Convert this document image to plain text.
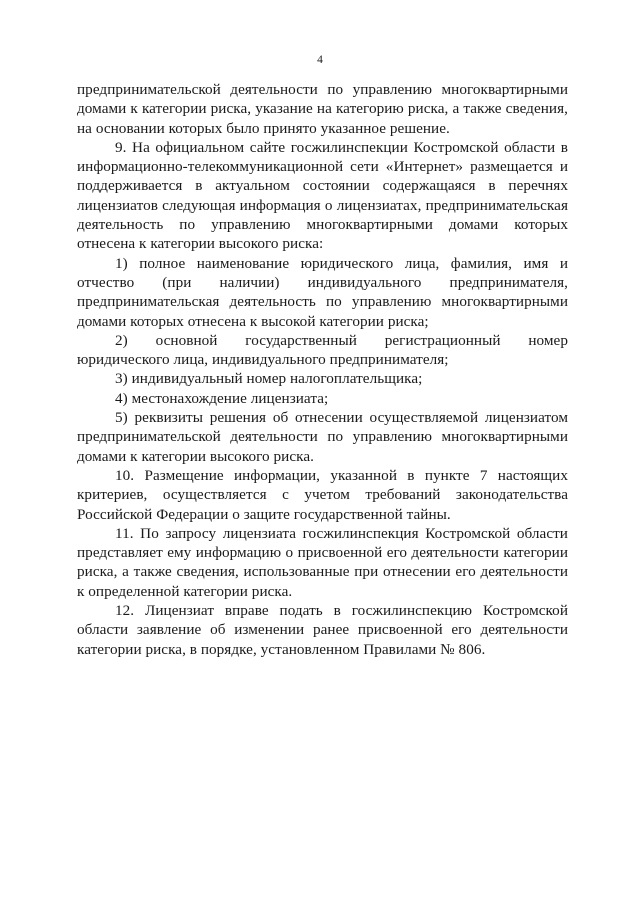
4

предпринимательской деятельности по управлению многоквартирными домами к категории риска, указание на категорию риска, а также сведения, на основании которых было принято указанное решение.

9. На официальном сайте госжилинспекции Костромской области в информационно-телекоммуникационной сети «Интернет» размещается и поддерживается в актуальном состоянии содержащаяся в перечнях лицензиатов следующая информация о лицензиатах, предпринимательская деятельность по управлению многоквартирными домами которых отнесена к категории высокого риска:

1) полное наименование юридического лица, фамилия, имя и отчество (при наличии) индивидуального предпринимателя, предпринимательская деятельность по управлению многоквартирными домами которых отнесена к высокой категории риска;

2) основной государственный регистрационный номер юридического лица, индивидуального предпринимателя;

3) индивидуальный номер налогоплательщика;

4) местонахождение лицензиата;

5) реквизиты решения об отнесении осуществляемой лицензиатом предпринимательской деятельности по управлению многоквартирными домами к категории высокого риска.

10. Размещение информации, указанной в пункте 7 настоящих критериев, осуществляется с учетом требований законодательства Российской Федерации о защите государственной тайны.

11. По запросу лицензиата госжилинспекция Костромской области представляет ему информацию о присвоенной его деятельности категории риска, а также сведения, использованные при отнесении его деятельности к определенной категории риска.

12. Лицензиат вправе подать в госжилинспекцию Костромской области заявление об изменении ранее присвоенной его деятельности категории риска, в порядке, установленном Правилами № 806.
